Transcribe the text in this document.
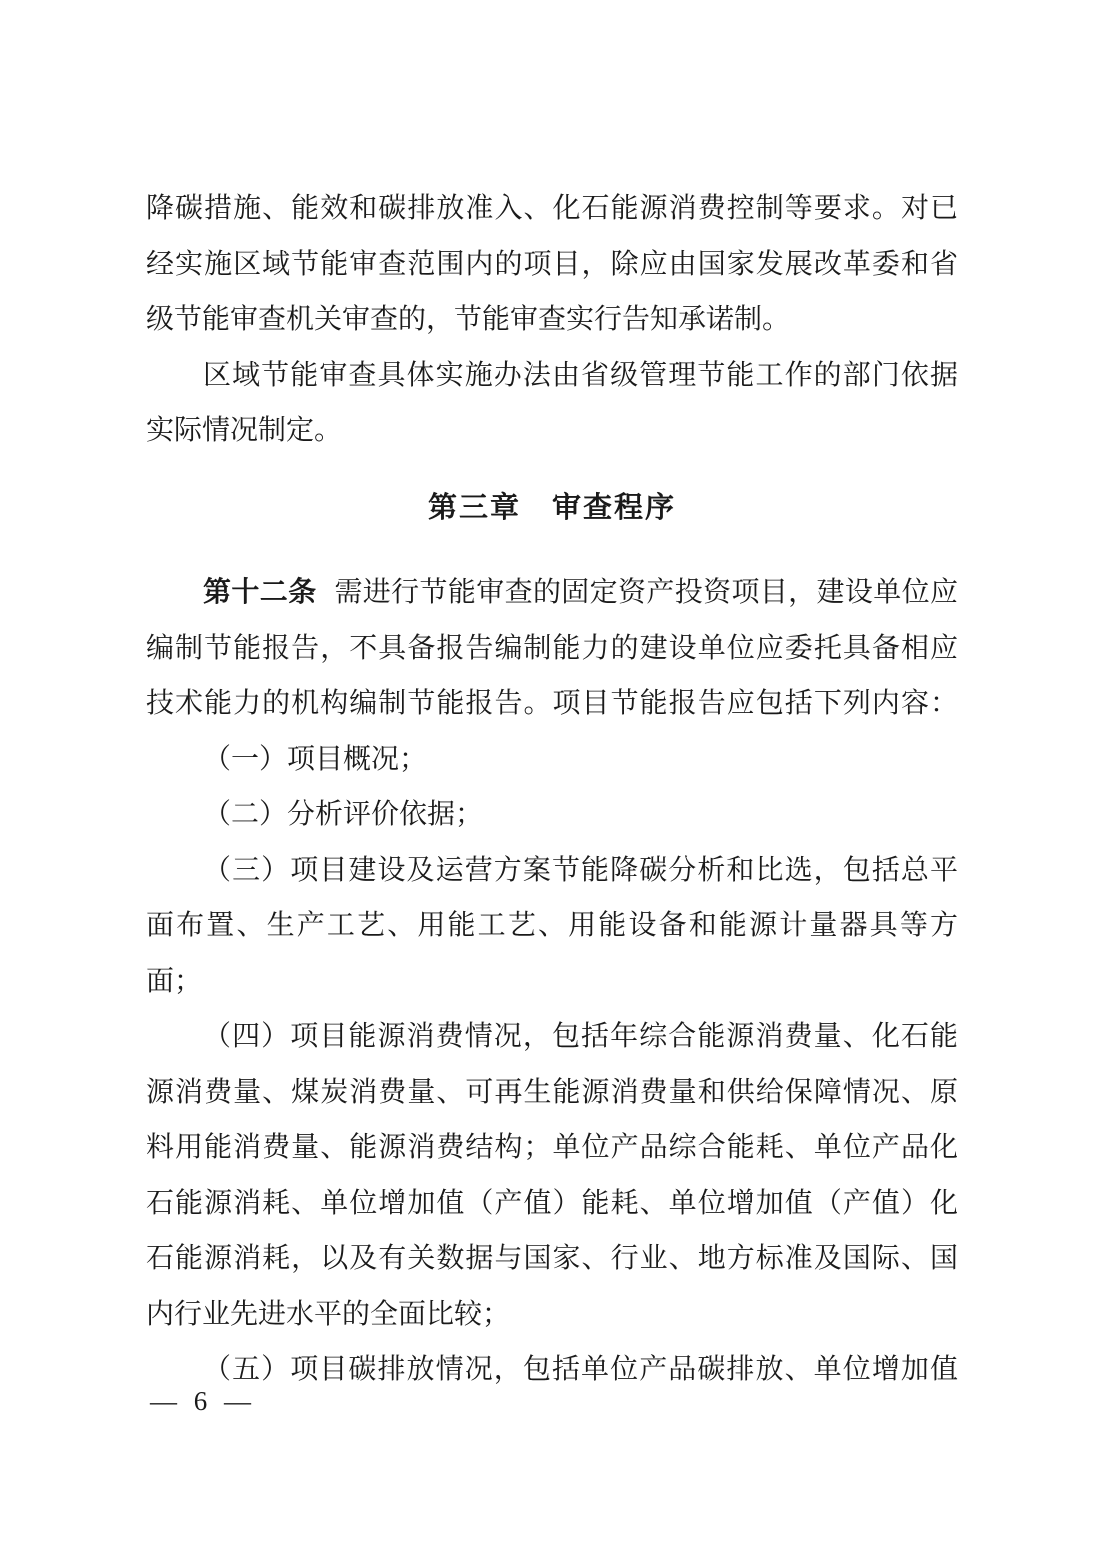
降碳措施、能效和碳排放准入、化石能源消费控制等要求。对已

经实施区域节能审查范围内的项目，除应由国家发展改革委和省

级节能审查机关审查的，节能审查实行告知承诺制。

区域节能审查具体实施办法由省级管理节能工作的部门依据

实际情况制定。

第三章　审查程序

第十二条 需进行节能审查的固定资产投资项目，建设单位应

编制节能报告，不具备报告编制能力的建设单位应委托具备相应

技术能力的机构编制节能报告。项目节能报告应包括下列内容：

（一）项目概况；

（二）分析评价依据；

（三）项目建设及运营方案节能降碳分析和比选，包括总平

面布置、生产工艺、用能工艺、用能设备和能源计量器具等方

面；

（四）项目能源消费情况，包括年综合能源消费量、化石能

源消费量、煤炭消费量、可再生能源消费量和供给保障情况、原

料用能消费量、能源消费结构；单位产品综合能耗、单位产品化

石能源消耗、单位增加值（产值）能耗、单位增加值（产值）化

石能源消耗，以及有关数据与国家、行业、地方标准及国际、国

内行业先进水平的全面比较；

（五）项目碳排放情况，包括单位产品碳排放、单位增加值

— 6 —
